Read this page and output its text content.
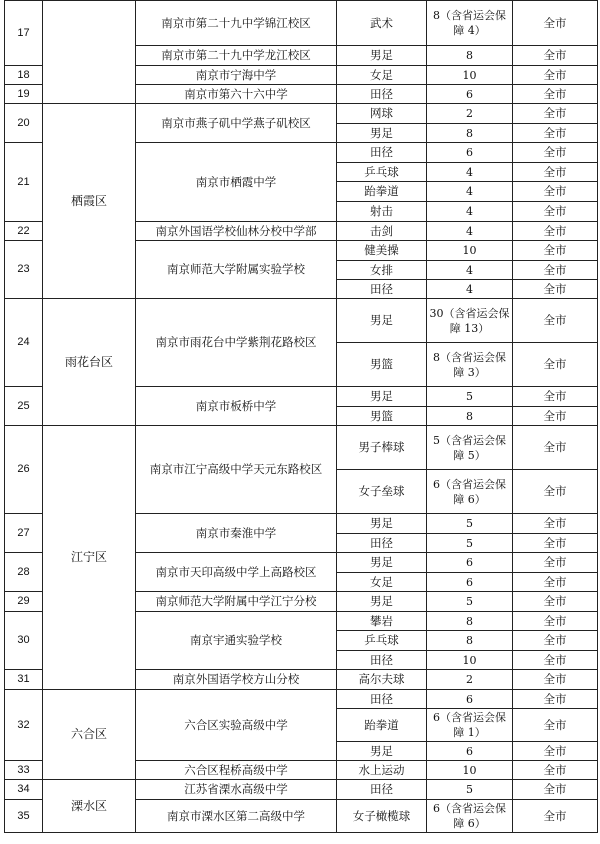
17		南京市第二十九中学锦江校区	武术	8（含省运会保障 4）	全市
		南京市第二十九中学龙江校区	男足	8	全市
18		南京市宁海中学	女足	10	全市
19		南京市第六十六中学	田径	6	全市
20	栖霞区	南京市燕子矶中学燕子矶校区	网球	2	全市
			男足	8	全市
21		南京市栖霞中学	田径	6	全市
			乒乓球	4	全市
			跆拳道	4	全市
			射击	4	全市
22		南京外国语学校仙林分校中学部	击剑	4	全市
23		南京师范大学附属实验学校	健美操	10	全市
			女排	4	全市
			田径	4	全市
24	雨花台区	南京市雨花台中学紫荆花路校区	男足	30（含省运会保障 13）	全市
			男篮	8（含省运会保障 3）	全市
25		南京市板桥中学	男足	5	全市
			男篮	8	全市
26	江宁区	南京市江宁高级中学天元东路校区	男子棒球	5（含省运会保障 5）	全市
			女子垒球	6（含省运会保障 6）	全市
27		南京市秦淮中学	男足	5	全市
			田径	5	全市
28		南京市天印高级中学上高路校区	男足	6	全市
			女足	6	全市
29		南京师范大学附属中学江宁分校	男足	5	全市
30		南京宇通实验学校	攀岩	8	全市
			乒乓球	8	全市
			田径	10	全市
31		南京外国语学校方山分校	高尔夫球	2	全市
32	六合区	六合区实验高级中学	田径	6	全市
			跆拳道	6（含省运会保障 1）	全市
			男足	6	全市
33		六合区程桥高级中学	水上运动	10	全市
34	溧水区	江苏省溧水高级中学	田径	5	全市
35		南京市溧水区第二高级中学	女子橄榄球	6（含省运会保障 6）	全市
